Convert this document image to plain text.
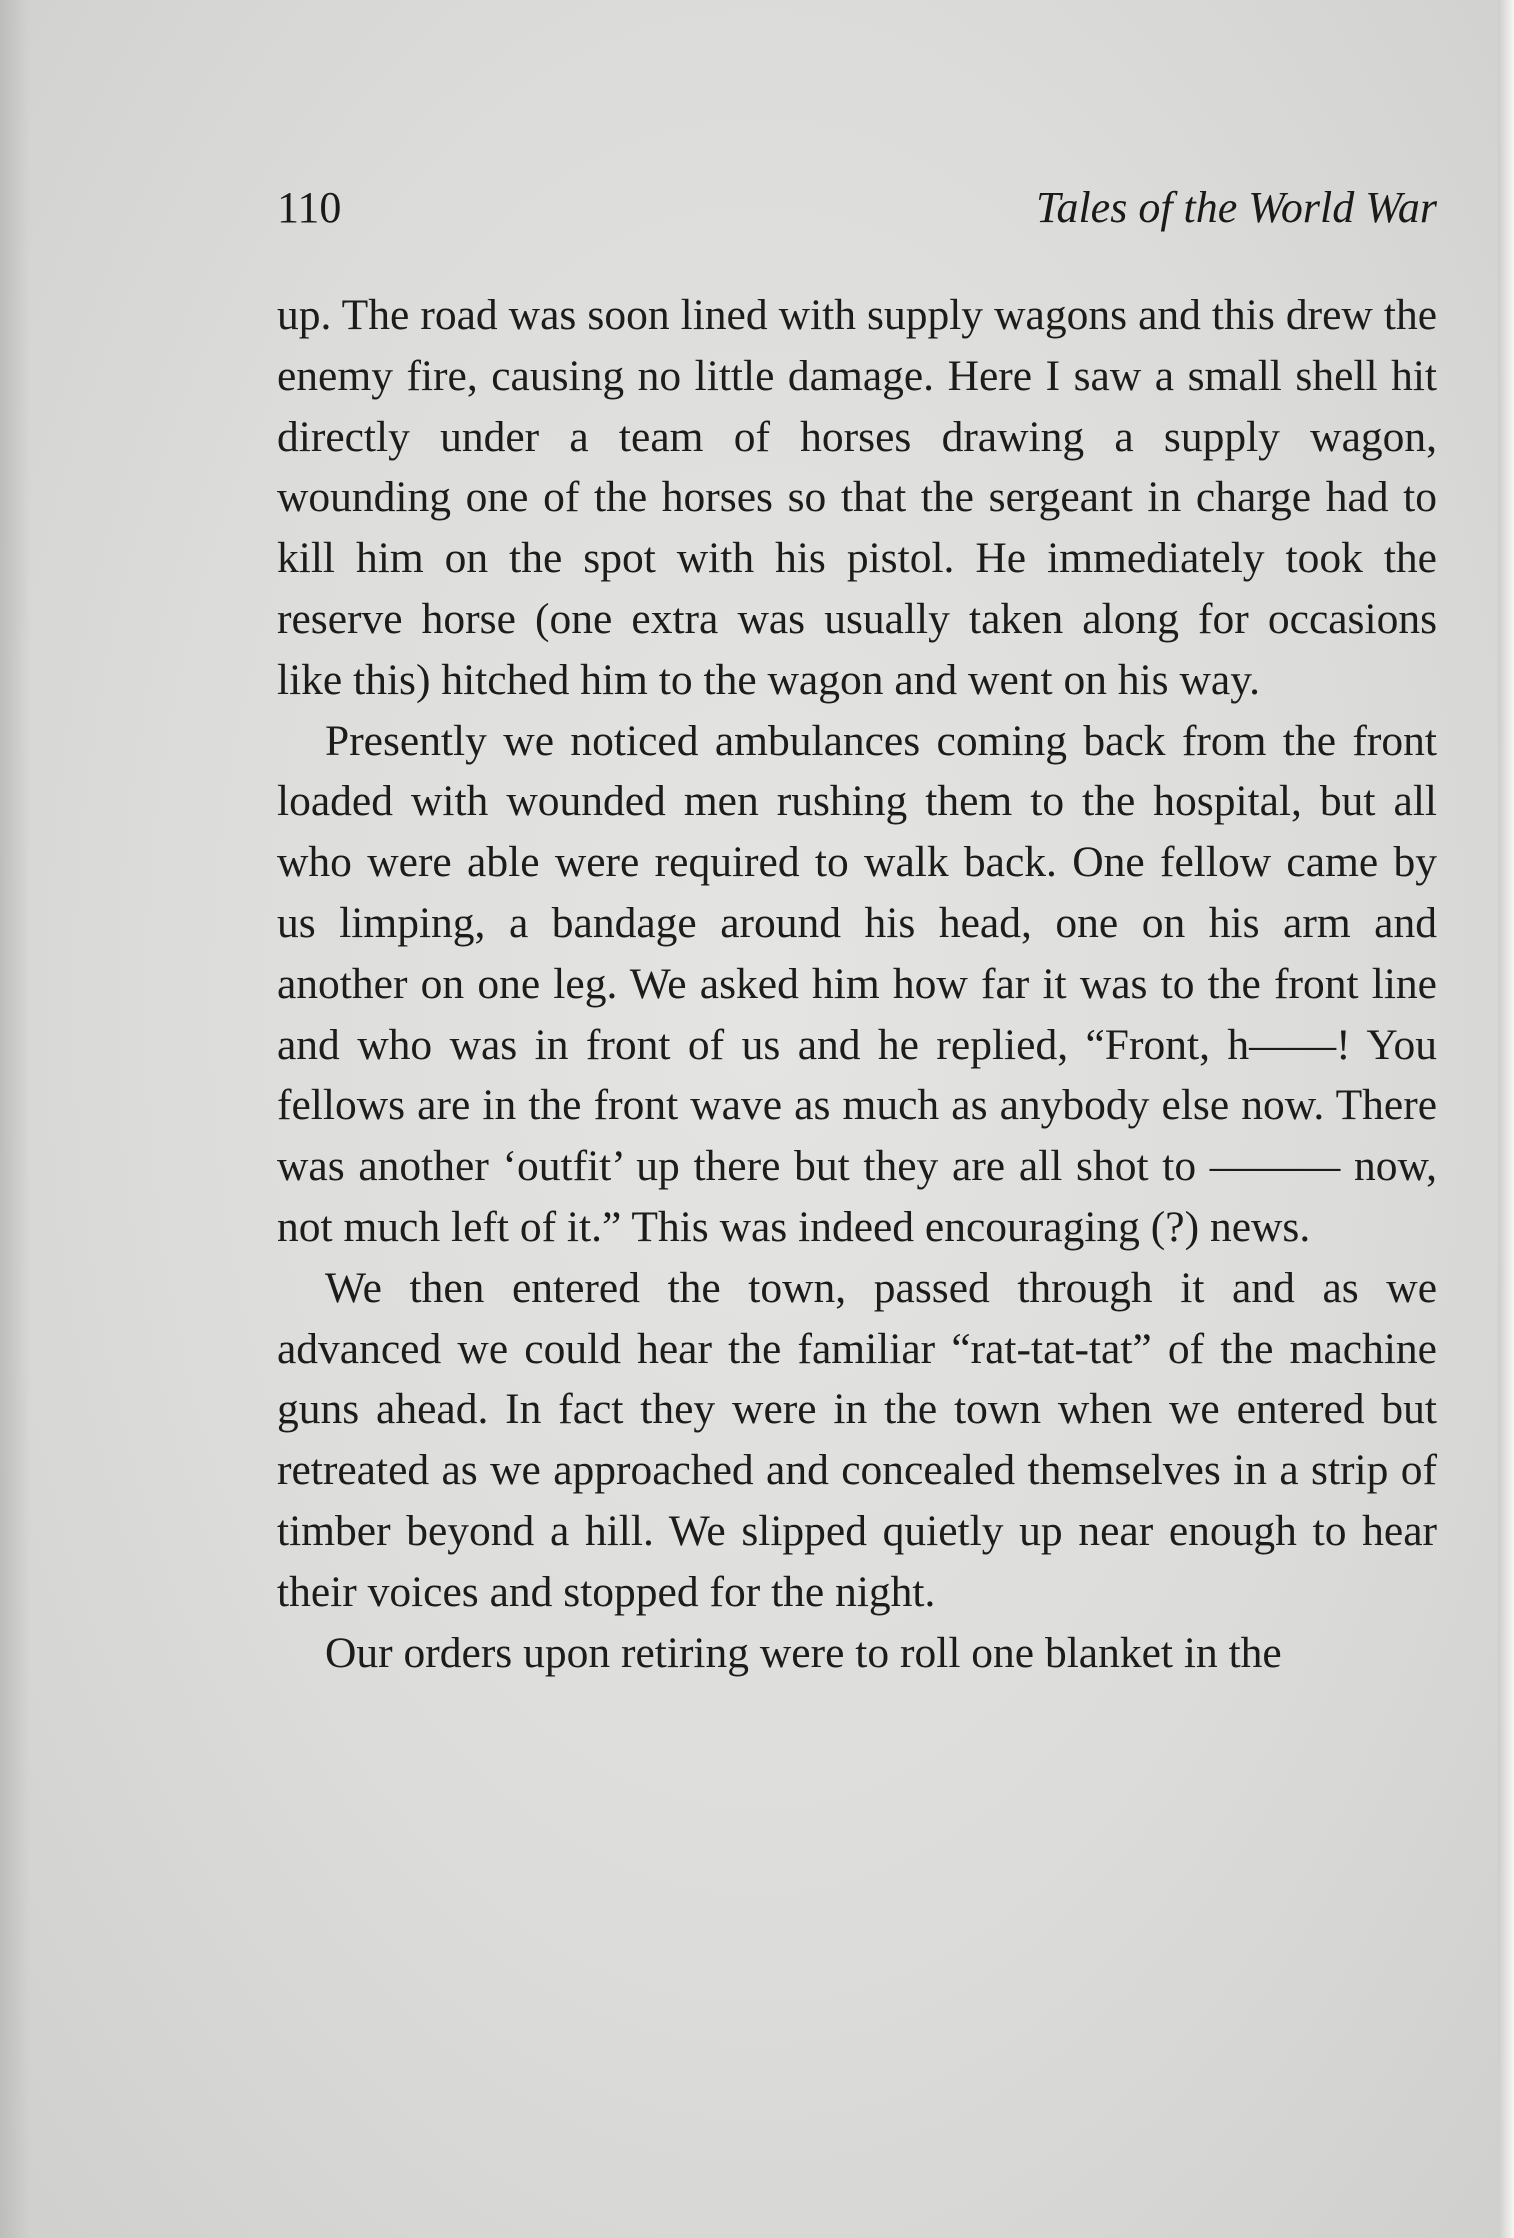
110	Tales of the World War

up. The road was soon lined with supply wagons and this drew the enemy fire, causing no little damage. Here I saw a small shell hit directly under a team of horses drawing a supply wagon, wounding one of the horses so that the sergeant in charge had to kill him on the spot with his pistol. He immediately took the reserve horse (one extra was usually taken along for occasions like this) hitched him to the wagon and went on his way.

Presently we noticed ambulances coming back from the front loaded with wounded men rushing them to the hospital, but all who were able were required to walk back. One fellow came by us limping, a bandage around his head, one on his arm and another on one leg. We asked him how far it was to the front line and who was in front of us and he replied, “Front, h——! You fellows are in the front wave as much as anybody else now. There was another ‘outfit’ up there but they are all shot to ——— now, not much left of it.” This was indeed encouraging (?) news.

We then entered the town, passed through it and as we advanced we could hear the familiar “rat-tat-tat” of the machine guns ahead. In fact they were in the town when we entered but retreated as we approached and concealed themselves in a strip of timber beyond a hill. We slipped quietly up near enough to hear their voices and stopped for the night.

Our orders upon retiring were to roll one blanket in the
